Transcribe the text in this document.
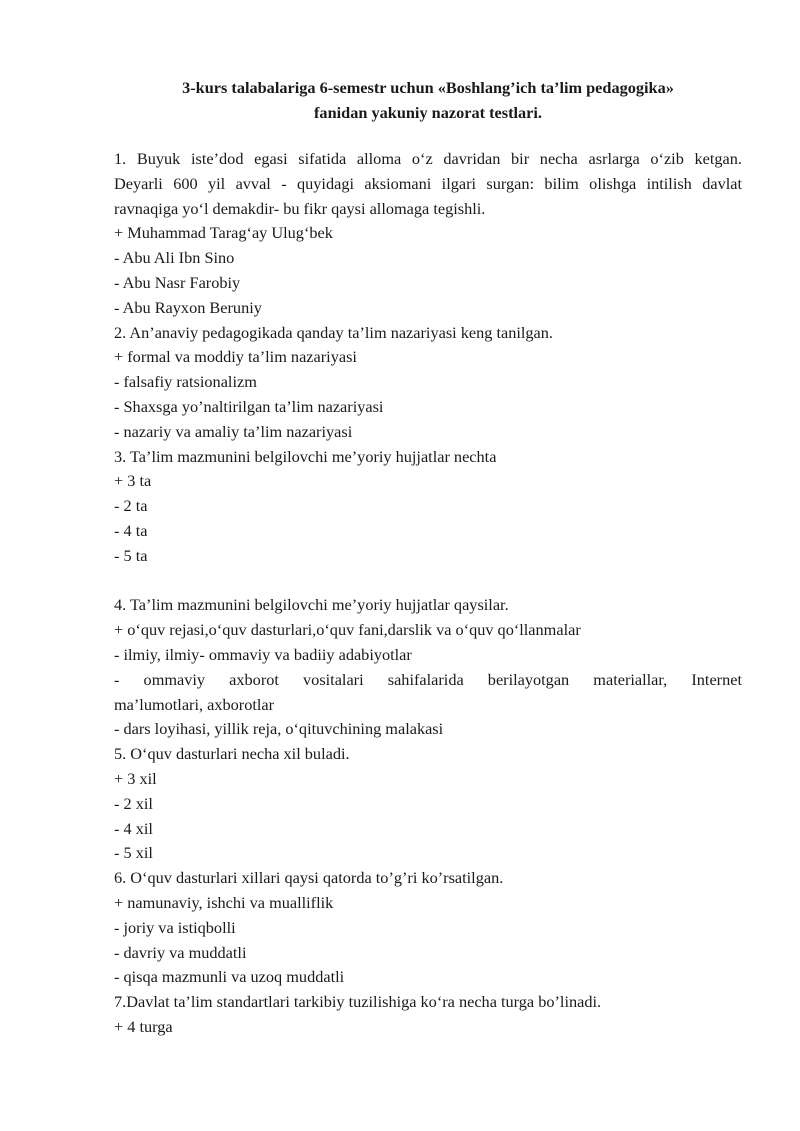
3-kurs talabalariga 6-semestr uchun «Boshlang’ich ta’lim pedagogika»
fanidan yakuniy nazorat testlari.
1. Buyuk iste’dod egasi sifatida alloma o‘z davridan bir necha asrlarga o‘zib ketgan.
Deyarli 600 yil avval - quyidagi aksiomani ilgari surgan: bilim olishga intilish davlat
ravnaqiga yo‘l demakdir- bu fikr qaysi allomaga tegishli.
+ Muhammad Tarag‘ay Ulug‘bek
- Abu Ali Ibn Sino
- Abu Nasr Farobiy
- Abu Rayxon Beruniy
2. An’anaviy pedagogikada qanday ta’lim nazariyasi keng tanilgan.
+ formal va moddiy ta’lim nazariyasi
- falsafiy ratsionalizm
- Shaxsga yo’naltirilgan ta’lim nazariyasi
- nazariy va amaliy ta’lim nazariyasi
3. Ta’lim mazmunini belgilovchi me’yoriy hujjatlar nechta
+ 3 ta
- 2 ta
- 4 ta
- 5 ta
4. Ta’lim mazmunini belgilovchi me’yoriy hujjatlar qaysilar.
+ o‘quv rejasi,o‘quv dasturlari,o‘quv fani,darslik va o‘quv qo‘llanmalar
- ilmiy, ilmiy- ommaviy va badiiy adabiyotlar
- ommaviy axborot vositalari sahifalarida berilayotgan materiallar, Internet
ma’lumotlari, axborotlar
- dars loyihasi, yillik reja, o‘qituvchining malakasi
5. O‘quv dasturlari necha xil buladi.
+ 3 xil
- 2 xil
- 4 xil
- 5 xil
6. O‘quv dasturlari xillari qaysi qatorda to’g’ri ko’rsatilgan.
+ namunaviy, ishchi va mualliflik
- joriy va istiqbolli
- davriy va muddatli
- qisqa mazmunli va uzoq muddatli
7.Davlat ta’lim standartlari tarkibiy tuzilishiga ko‘ra necha turga bo’linadi.
+ 4 turga
